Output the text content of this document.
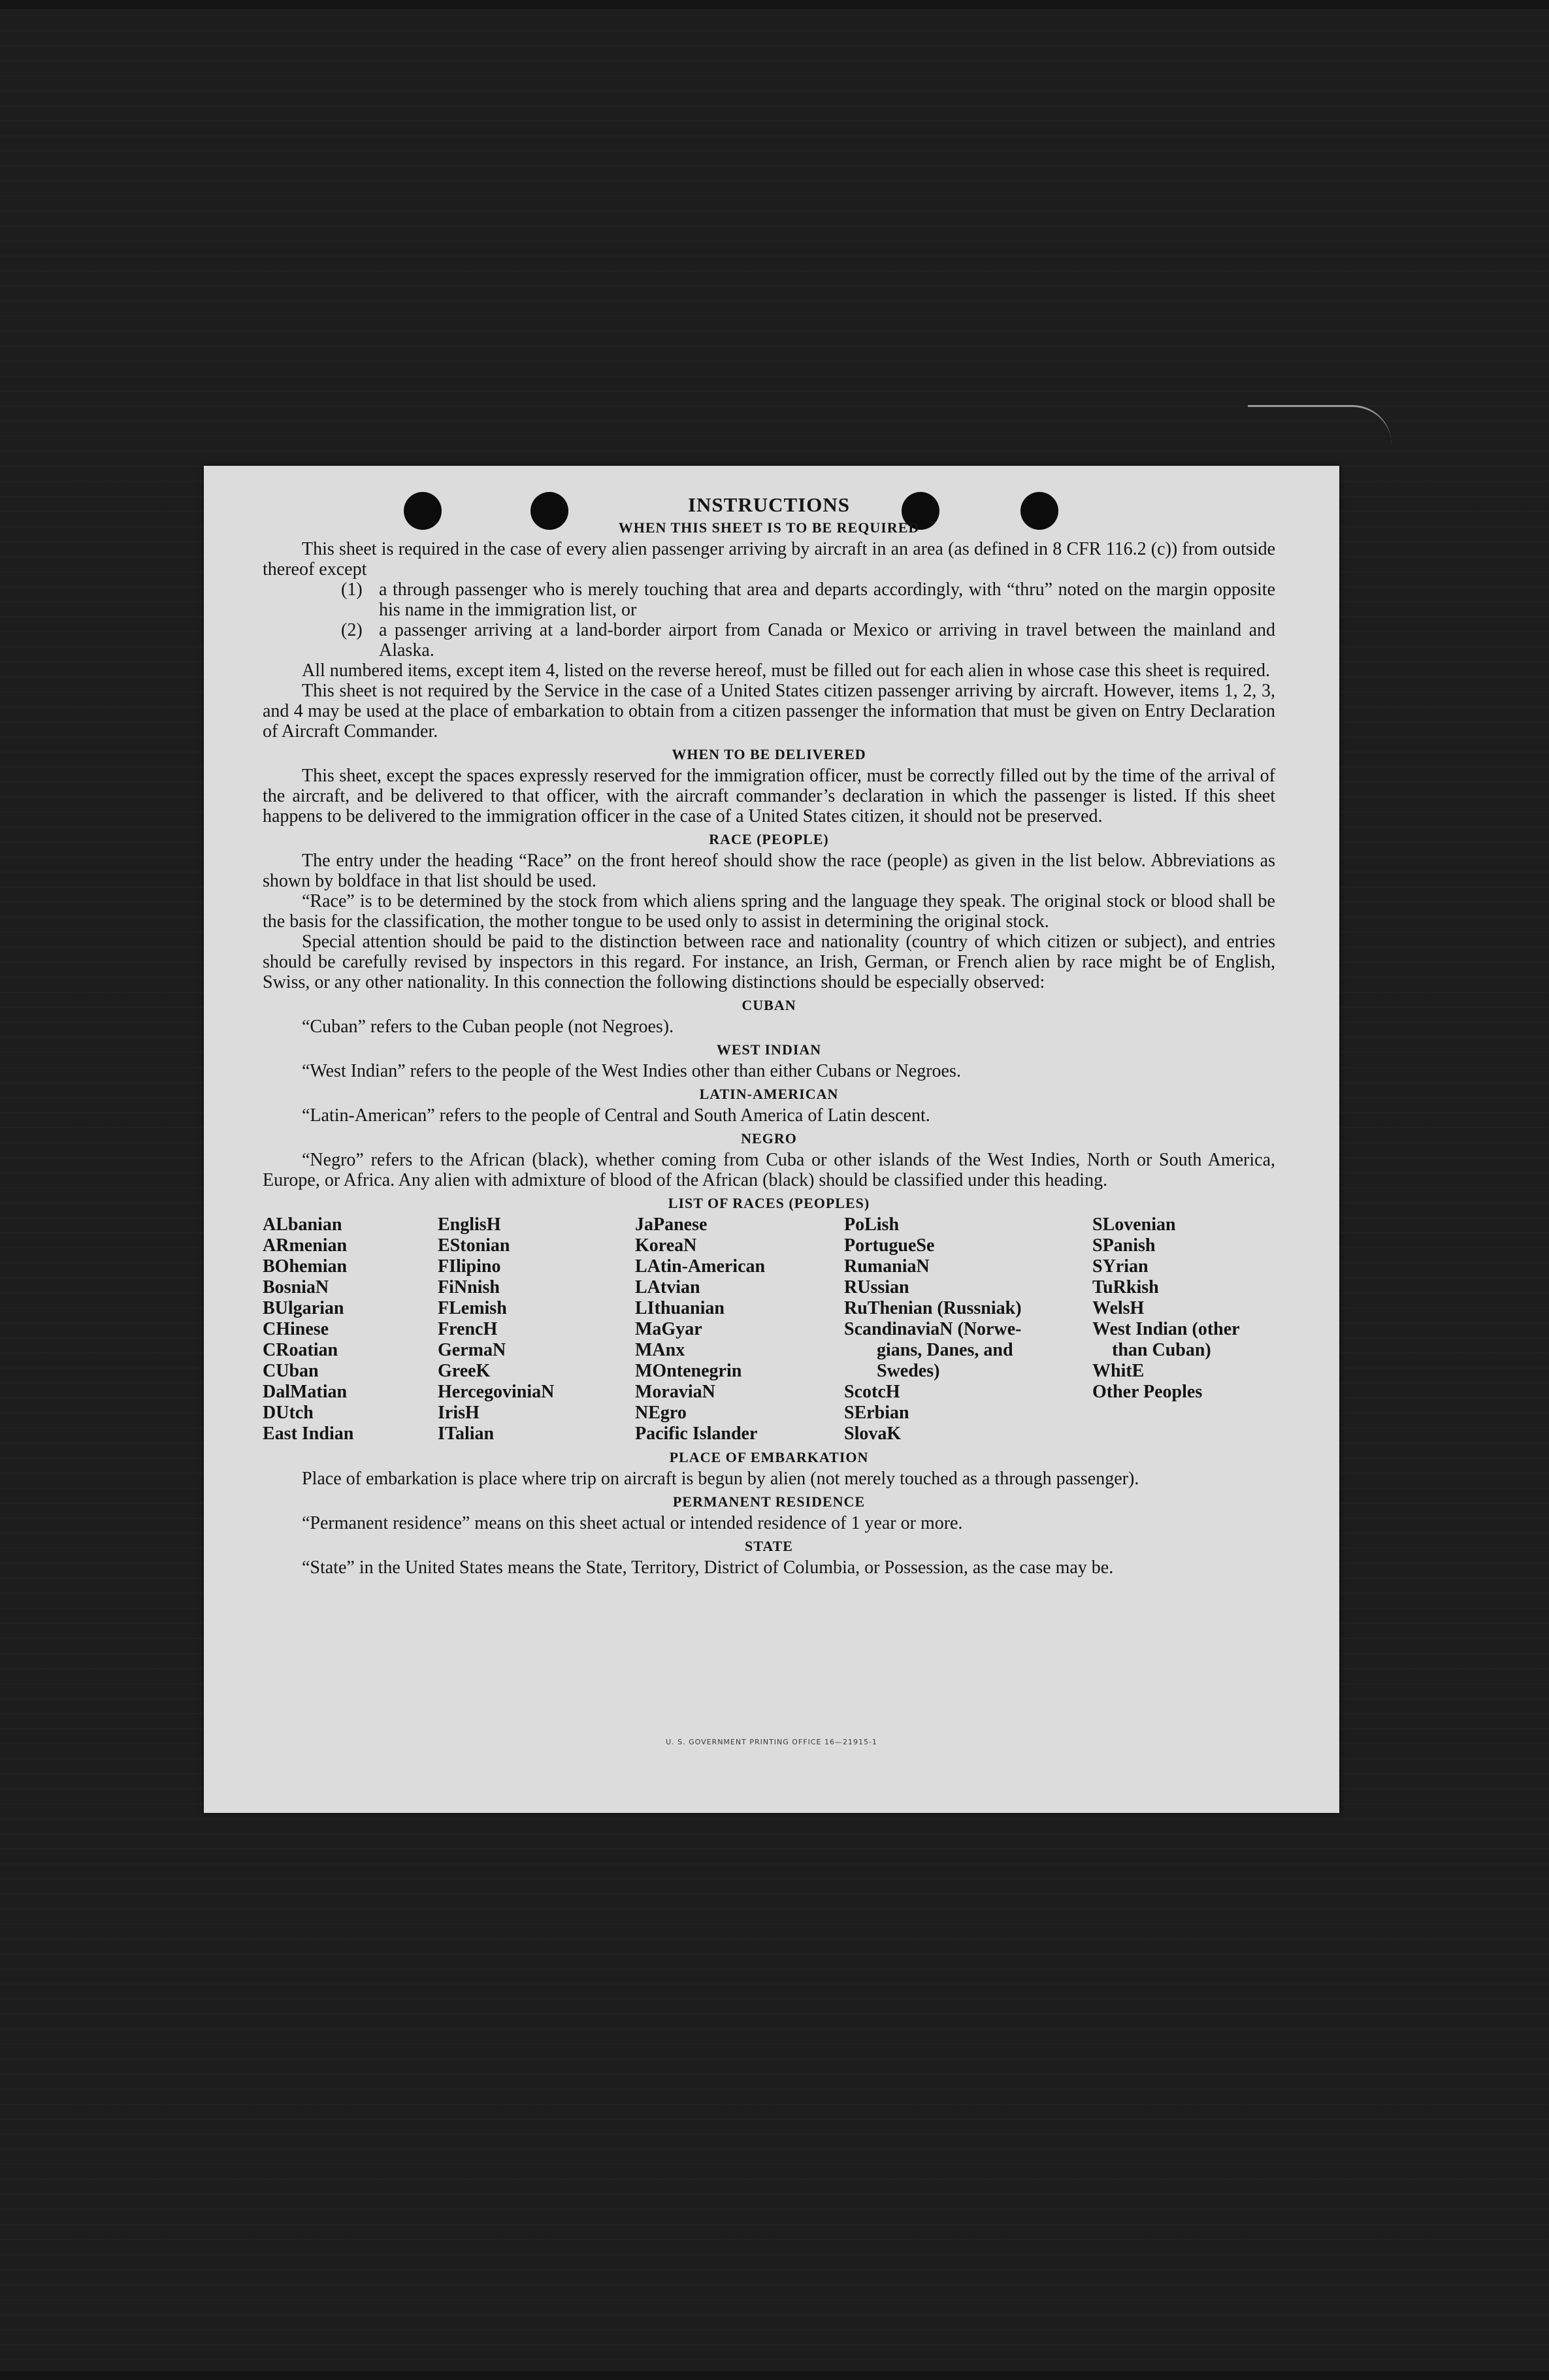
INSTRUCTIONS
WHEN THIS SHEET IS TO BE REQUIRED

This sheet is required in the case of every alien passenger arriving by aircraft in an area (as defined in 8 CFR 116.2 (c)) from outside thereof except

(1) a through passenger who is merely touching that area and departs accordingly, with “thru” noted on the margin opposite his name in the immigration list, or
(2) a passenger arriving at a land-border airport from Canada or Mexico or arriving in travel between the mainland and Alaska.

All numbered items, except item 4, listed on the reverse hereof, must be filled out for each alien in whose case this sheet is required.

This sheet is not required by the Service in the case of a United States citizen passenger arriving by aircraft. However, items 1, 2, 3, and 4 may be used at the place of embarkation to obtain from a citizen passenger the information that must be given on Entry Declaration of Aircraft Commander.

WHEN TO BE DELIVERED

This sheet, except the spaces expressly reserved for the immigration officer, must be correctly filled out by the time of the arrival of the aircraft, and be delivered to that officer, with the aircraft commander’s declaration in which the passenger is listed. If this sheet happens to be delivered to the immigration officer in the case of a United States citizen, it should not be preserved.

RACE (PEOPLE)

The entry under the heading “Race” on the front hereof should show the race (people) as given in the list below. Abbreviations as shown by boldface in that list should be used.

“Race” is to be determined by the stock from which aliens spring and the language they speak. The original stock or blood shall be the basis for the classification, the mother tongue to be used only to assist in determining the original stock.

Special attention should be paid to the distinction between race and nationality (country of which citizen or subject), and entries should be carefully revised by inspectors in this regard. For instance, an Irish, German, or French alien by race might be of English, Swiss, or any other nationality. In this connection the following distinctions should be especially observed:

CUBAN
“Cuban” refers to the Cuban people (not Negroes).
WEST INDIAN
“West Indian” refers to the people of the West Indies other than either Cubans or Negroes.
LATIN-AMERICAN
“Latin-American” refers to the people of Central and South America of Latin descent.
NEGRO

“Negro” refers to the African (black), whether coming from Cuba or other islands of the West Indies, North or South America, Europe, or Africa. Any alien with admixture of blood of the African (black) should be classified under this heading.

LIST OF RACES (PEOPLES)
ALbanian
ARmenian
BOhemian
BosniaN
BUlgarian
CHinese
CRoatian
CUban
DalMatian
DUtch
East Indian
EnglisH
EStonian
FIlipino
FiNnish
FLemish
FrencH
GermaN
GreeK
HercegoviniaN
IrisH
ITalian
JaPanese
KoreaN
LAtin-American
LAtvian
LIthuanian
MaGyar
MAnx
MOntenegrin
MoraviaN
NEgro
Pacific Islander
PoLish
PortugueSe
RumaniaN
RUssian
RuThenian (Russniak)
ScandinaviaN (Norwe-
gians, Danes, and
Swedes)
ScotcH
SErbian
SlovaK
SLovenian
SPanish
SYrian
TuRkish
WelsH
West Indian (other
than Cuban)
WhitE
Other Peoples
PLACE OF EMBARKATION

Place of embarkation is place where trip on aircraft is begun by alien (not merely touched as a through passenger).

PERMANENT RESIDENCE
“Permanent residence” means on this sheet actual or intended residence of 1 year or more.
STATE

“State” in the United States means the State, Territory, District of Columbia, or Possession, as the case may be.

U. S. GOVERNMENT PRINTING OFFICE 16—21915-1
